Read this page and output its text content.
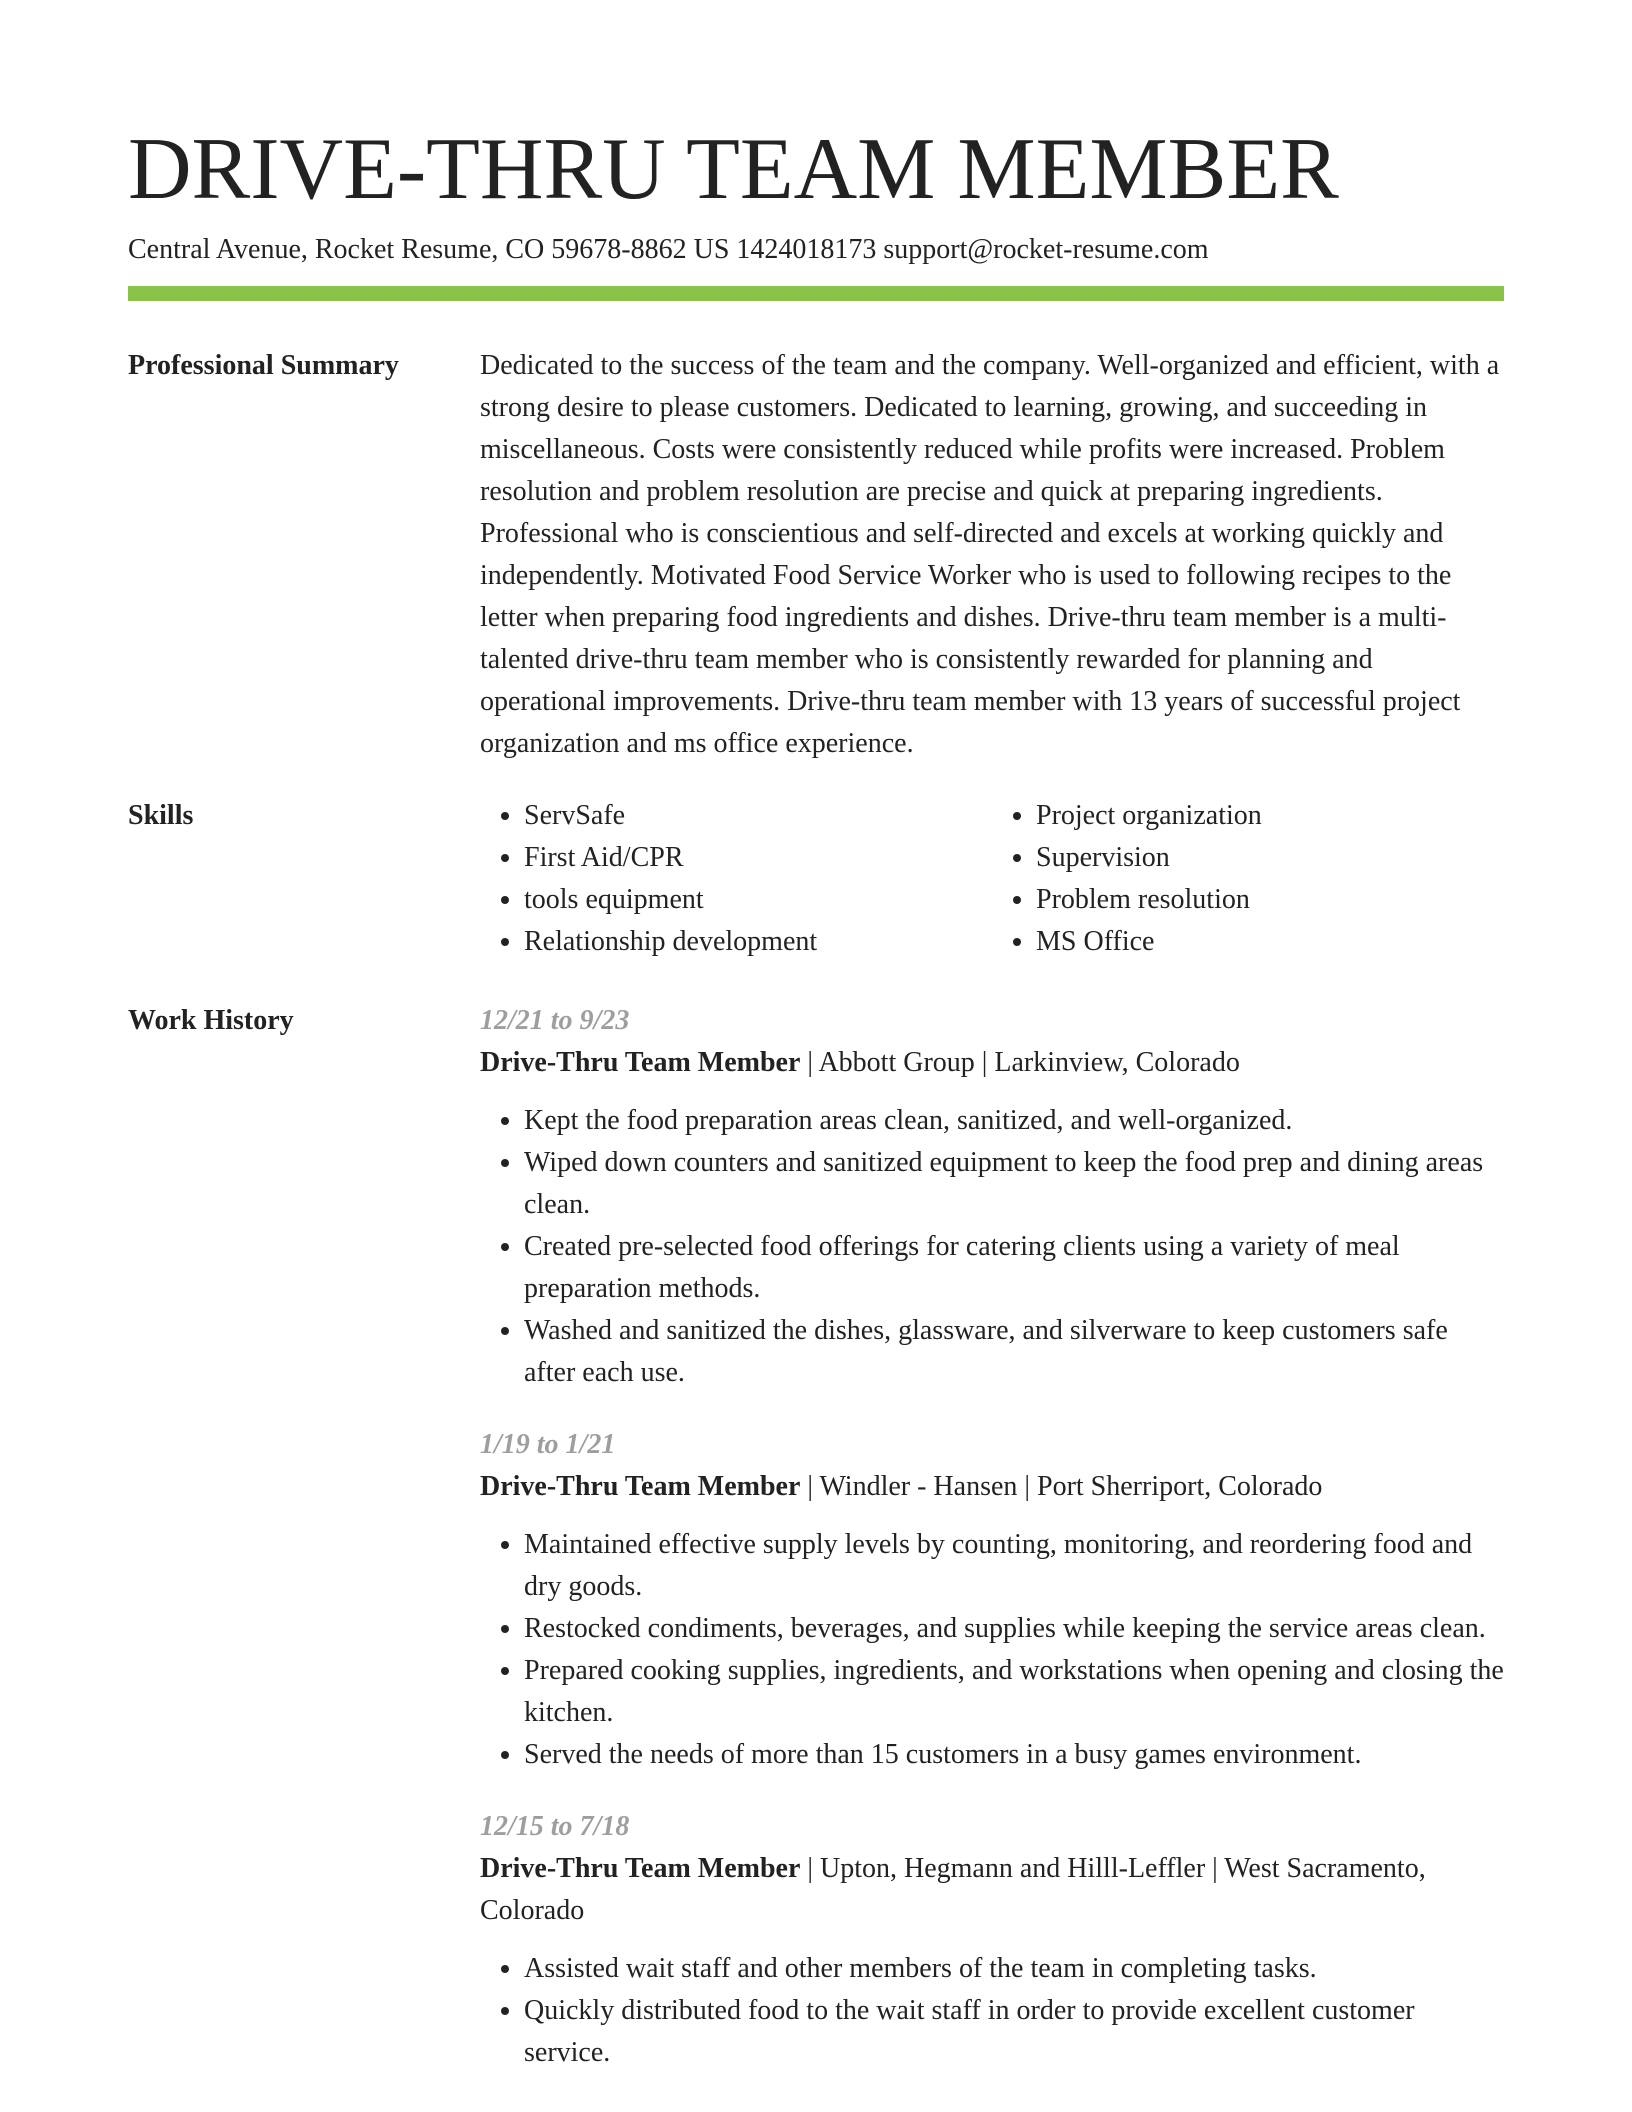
DRIVE-THRU TEAM MEMBER
Central Avenue, Rocket Resume, CO 59678-8862 US 1424018173 support@rocket-resume.com
Professional Summary	Dedicated to the success of the team and the company. Well-organized and efficient, with a strong desire to please customers. Dedicated to learning, growing, and succeeding in miscellaneous. Costs were consistently reduced while profits were increased. Problem resolution and problem resolution are precise and quick at preparing ingredients. Professional who is conscientious and self-directed and excels at working quickly and independently. Motivated Food Service Worker who is used to following recipes to the letter when preparing food ingredients and dishes. Drive-thru team member is a multi-talented drive-thru team member who is consistently rewarded for planning and operational improvements. Drive-thru team member with 13 years of successful project organization and ms office experience.

Skills
•	ServSafe
• First Aid/CPR
• tools equipment
• Relationship development
• Project organization
• Supervision
• Problem resolution
• MS Office
Work History	12/21 to 9/23
Drive-Thru Team Member | Abbott Group | Larkinview, Colorado
• Kept the food preparation areas clean, sanitized, and well-organized.
• Wiped down counters and sanitized equipment to keep the food prep and dining areas clean.
• Created pre-selected food offerings for catering clients using a variety of meal preparation methods.
• Washed and sanitized the dishes, glassware, and silverware to keep customers safe after each use.
1/19 to 1/21
Drive-Thru Team Member | Windler - Hansen | Port Sherriport, Colorado
• Maintained effective supply levels by counting, monitoring, and reordering food and dry goods.
• Restocked condiments, beverages, and supplies while keeping the service areas clean.
• Prepared cooking supplies, ingredients, and workstations when opening and closing the kitchen.
• Served the needs of more than 15 customers in a busy games environment.
12/15 to 7/18
Drive-Thru Team Member | Upton, Hegmann and Hilll-Leffler | West Sacramento, Colorado
• Assisted wait staff and other members of the team in completing tasks.
• Quickly distributed food to the wait staff in order to provide excellent customer service.
